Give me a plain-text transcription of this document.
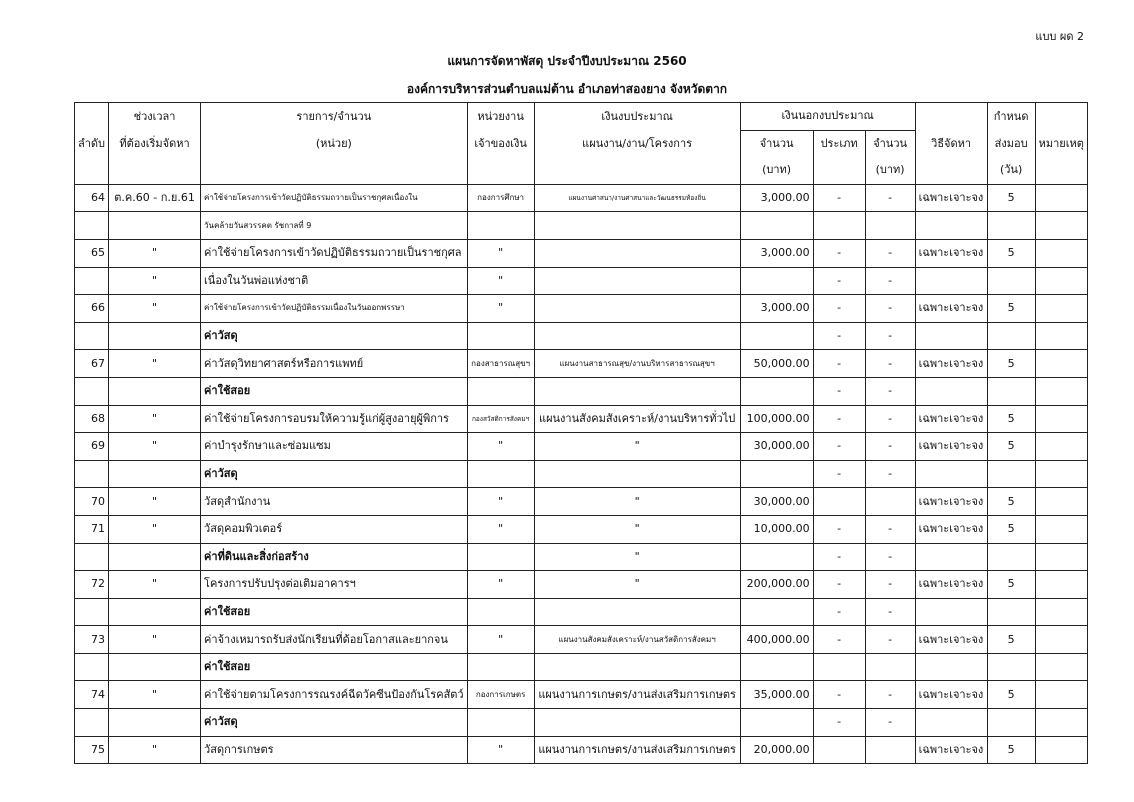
แบบ ผด 2
แผนการจัดหาพัสดุ ประจำปีงบประมาณ 2560
องค์การบริหารส่วนตำบลแม่ต้าน อำเภอท่าสองยาง จังหวัดตาก
	ช่วงเวลา	รายการ/จำนวน	หน่วยงาน	เงินงบประมาณ	เงินนอกงบประมาณ				กำหนด	
ลำดับ	ที่ต้องเริ่มจัดหา	(หน่วย)	เจ้าของเงิน	แผนงาน/งาน/โครงการ	จำนวน	ประเภท	จำนวน	วิธีจัดหา	ส่งมอบ	หมายเหตุ
					(บาท)		(บาท)		(วัน)	
64	ต.ค.60 - ก.ย.61	ค่าใช้จ่ายโครงการเข้าวัดปฏิบัติธรรมถวายเป็นราชกุศลเนื่องใน	กองการศึกษา	แผนงานศาสนา/งานศาสนาและวัฒนธรรมท้องถิ่น	3,000.00	-	-	เฉพาะเจาะจง	5	
		วันคล้ายวันสวรรคต รัชกาลที่ 9								
65	"	ค่าใช้จ่ายโครงการเข้าวัดปฏิบัติธรรมถวายเป็นราชกุศล	"		3,000.00	-	-	เฉพาะเจาะจง	5	
	"	เนื่องในวันพ่อแห่งชาติ	"			-	-			
66	"	ค่าใช้จ่ายโครงการเข้าวัดปฏิบัติธรรมเนื่องในวันออกพรรษา	"		3,000.00	-	-	เฉพาะเจาะจง	5	
		ค่าวัสดุ				-	-			
67	"	ค่าวัสดุวิทยาศาสตร์หรือการแพทย์	กองสาธารณสุขฯ	แผนงานสาธารณสุข/งานบริหารสาธารณสุขฯ	50,000.00	-	-	เฉพาะเจาะจง	5	
		ค่าใช้สอย				-	-			
68	"	ค่าใช้จ่ายโครงการอบรมให้ความรู้แก่ผู้สูงอายุผู้พิการ	กองสวัสดิการสังคมฯ	แผนงานสังคมสังเคราะห์/งานบริหารทั่วไป	100,000.00	-	-	เฉพาะเจาะจง	5	
69	"	ค่าบำรุงรักษาและซ่อมแซม	"	"	30,000.00	-	-	เฉพาะเจาะจง	5	
		ค่าวัสดุ				-	-			
70	"	วัสดุสำนักงาน	"	"	30,000.00			เฉพาะเจาะจง	5	
71	"	วัสดุคอมพิวเตอร์	"	"	10,000.00	-	-	เฉพาะเจาะจง	5	
		ค่าที่ดินและสิ่งก่อสร้าง		"		-	-			
72	"	โครงการปรับปรุงต่อเติมอาคารฯ	"	"	200,000.00	-	-	เฉพาะเจาะจง	5	
		ค่าใช้สอย				-	-			
73	"	ค่าจ้างเหมารถรับส่งนักเรียนที่ด้อยโอกาสและยากจน	"	แผนงานสังคมสังเคราะห์/งานสวัสดิการสังคมฯ	400,000.00	-	-	เฉพาะเจาะจง	5	
		ค่าใช้สอย								
74	"	ค่าใช้จ่ายตามโครงการรณรงค์ฉีดวัคซีนป้องกันโรคสัตว์	กองการเกษตร	แผนงานการเกษตร/งานส่งเสริมการเกษตร	35,000.00	-	-	เฉพาะเจาะจง	5	
		ค่าวัสดุ				-	-			
75	"	วัสดุการเกษตร	"	แผนงานการเกษตร/งานส่งเสริมการเกษตร	20,000.00			เฉพาะเจาะจง	5	
